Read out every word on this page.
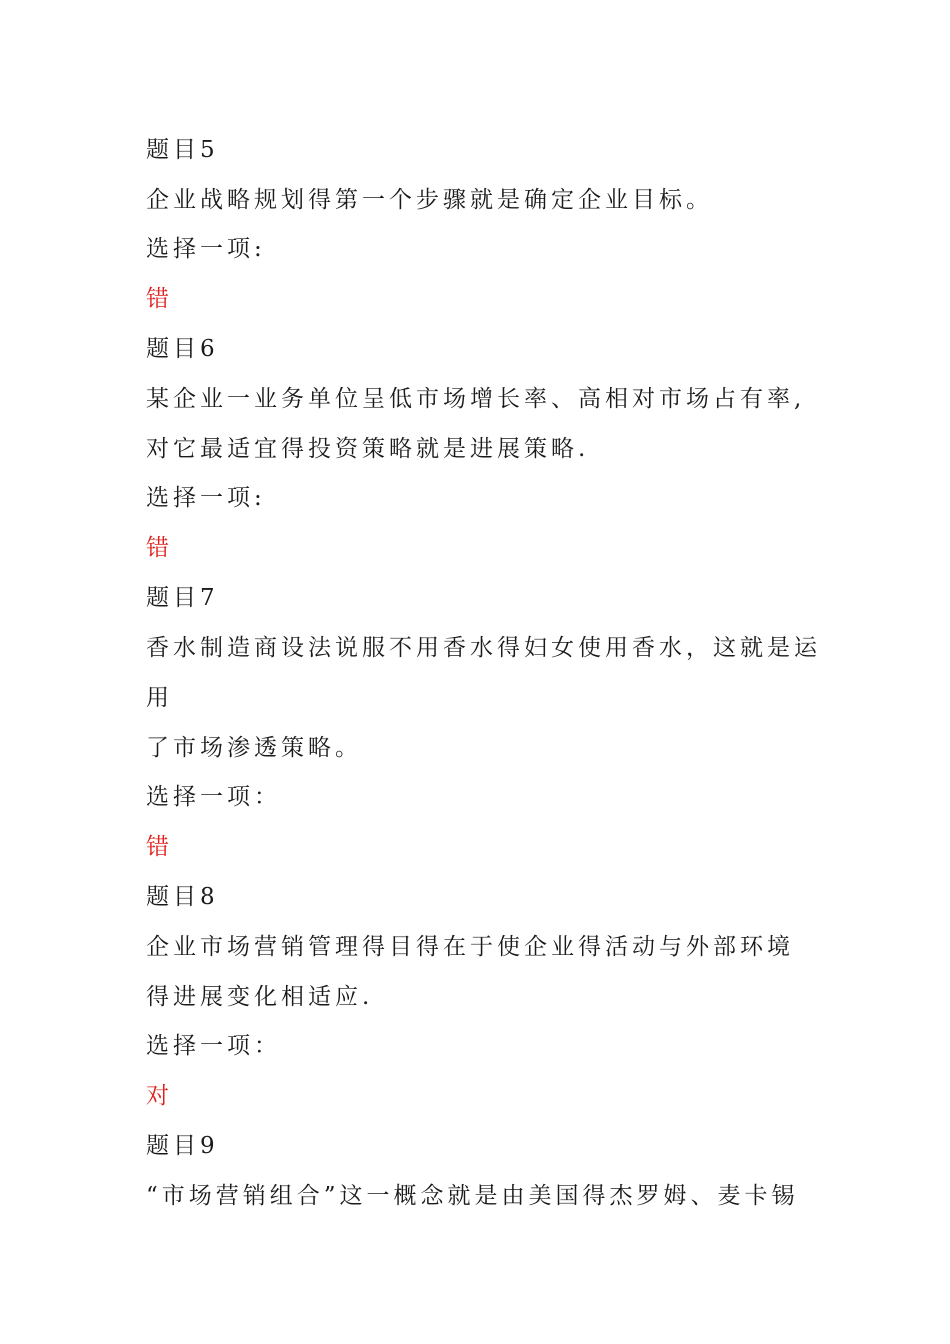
题目5
企业战略规划得第一个步骤就是确定企业目标。
选择一项:
错
题目6
某企业一业务单位呈低市场增长率、高相对市场占有率,
对它最适宜得投资策略就是进展策略.
选择一项:
错
题目7
香水制造商设法说服不用香水得妇女使用香水，这就是运
用
了市场渗透策略。
选择一项：
错
题目8
企业市场营销管理得目得在于使企业得活动与外部环境
得进展变化相适应.
选择一项：
对
题目9
“市场营销组合”这一概念就是由美国得杰罗姆、麦卡锡
